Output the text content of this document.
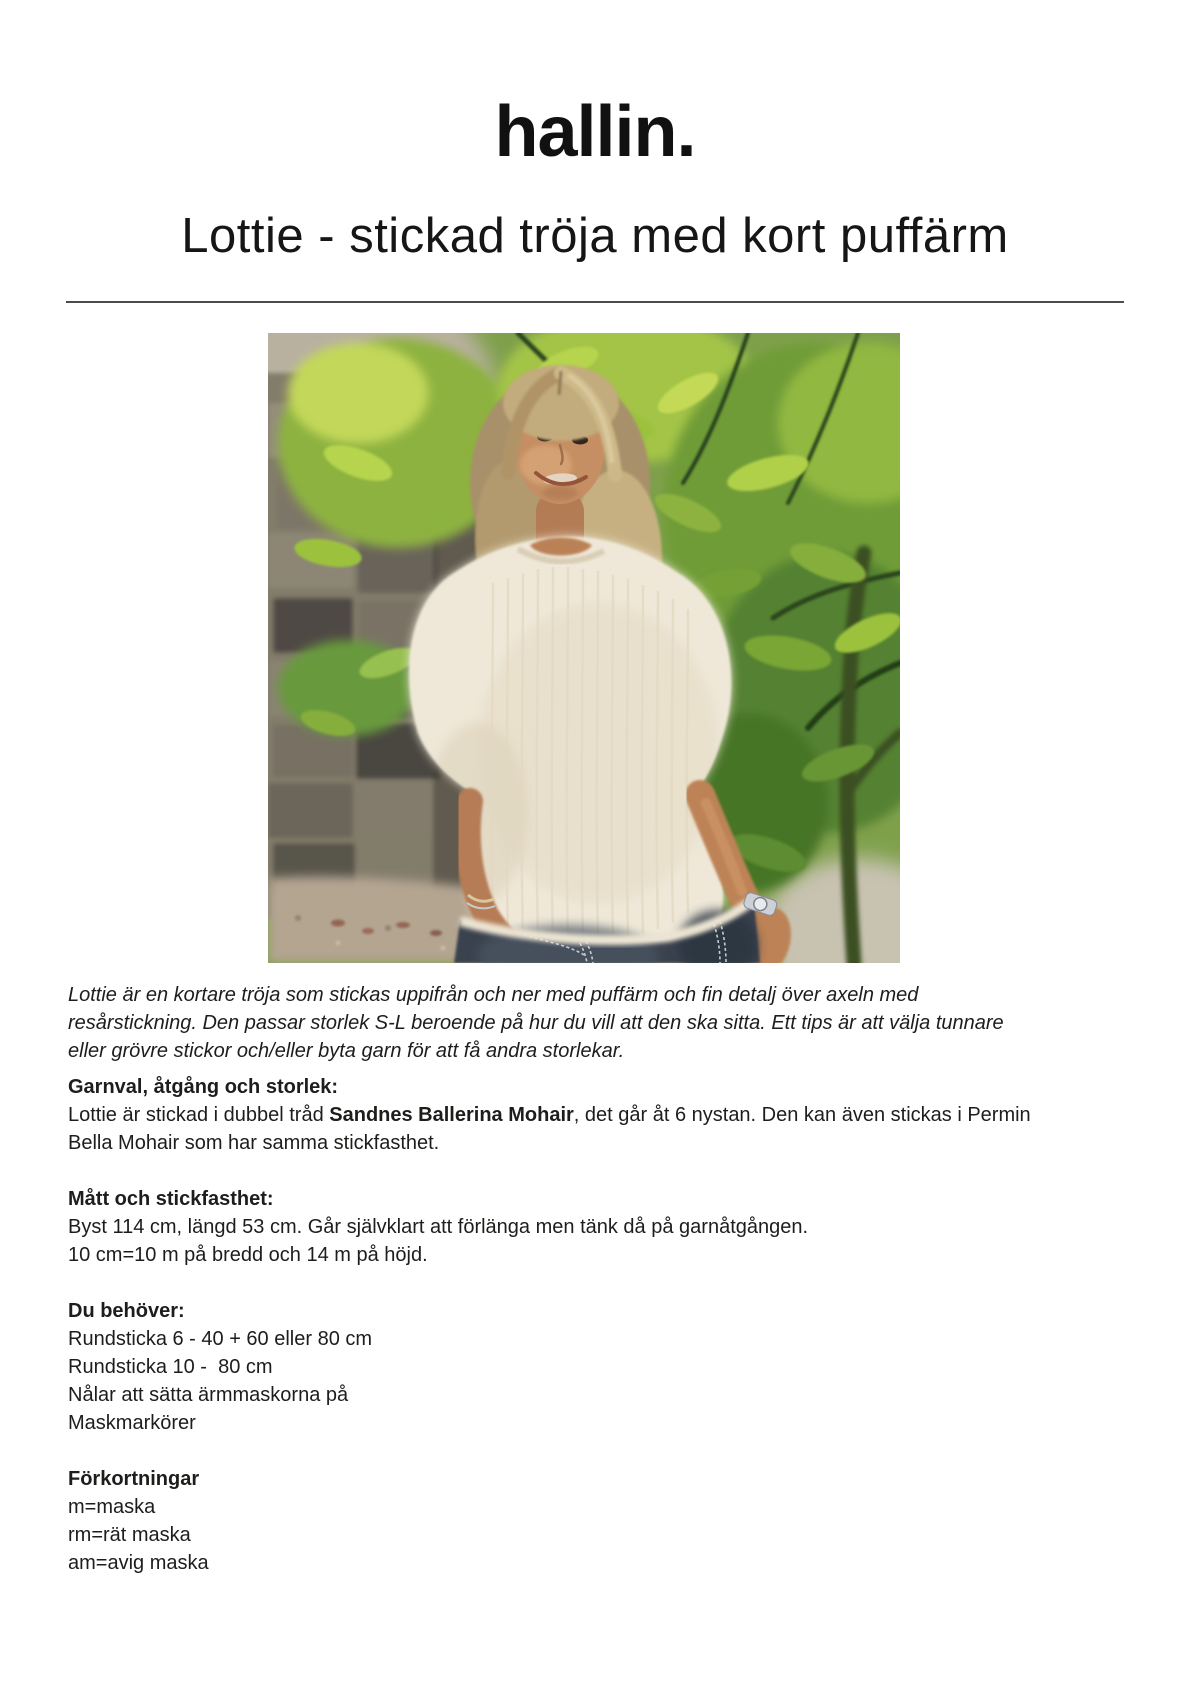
hallin.
Lottie - stickad tröja med kort puffärm
Lottie är en kortare tröja som stickas uppifrån och ner med puffärm och fin detalj över axeln med
resårstickning. Den passar storlek S-L beroende på hur du vill att den ska sitta. Ett tips är att välja tunnare
eller grövre stickor och/eller byta garn för att få andra storlekar.
Garnval, åtgång och storlek:
Lottie är stickad i dubbel tråd Sandnes Ballerina Mohair, det går åt 6 nystan. Den kan även stickas i Permin
Bella Mohair som har samma stickfasthet.
Mått och stickfasthet:
Byst 114 cm, längd 53 cm. Går självklart att förlänga men tänk då på garnåtgången.
10 cm=10 m på bredd och 14 m på höjd.
Du behöver:
Rundsticka 6 - 40 + 60 eller 80 cm
Rundsticka 10 -  80 cm
Nålar att sätta ärmmaskorna på
Maskmarkörer
Förkortningar
m=maska
rm=rät maska
am=avig maska
